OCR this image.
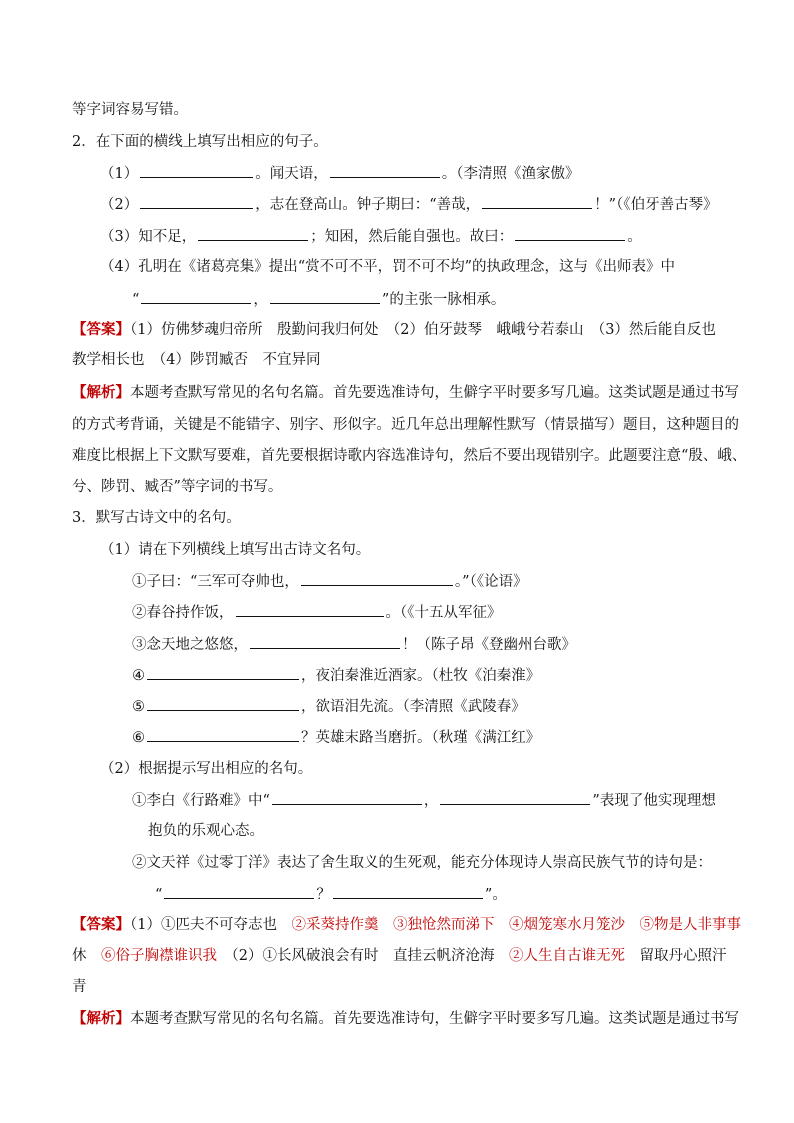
等字词容易写错。
2．在下面的横线上填写出相应的句子。
（1）	。闻天语，	。（李清照《渔家傲》
（2）	，志在登高山。钟子期曰：“善哉，	！”（《伯牙善古琴》
（3）知不足，	；知困，然后能自强也。故曰：	。
（4）孔明在《诸葛亮集》提出“赏不可不平，罚不可不均”的执政理念，这与《出师表》中
“	，	”的主张一脉相承。
【答案】（1）仿佛梦魂归帝所　殷勤问我归何处　（2）伯牙鼓琴　峨峨兮若泰山　（3）然后能自反也
教学相长也　（4）陟罚臧否　不宜异同
【解析】本题考查默写常见的名句名篇。首先要选准诗句，生僻字平时要多写几遍。这类试题是通过书写
的方式考背诵，关键是不能错字、别字、形似字。近几年总出理解性默写（情景描写）题目，这种题目的
难度比根据上下文默写要难，首先要根据诗歌内容选准诗句，然后不要出现错别字。此题要注意“殷、峨、
兮、陟罚、臧否”等字词的书写。
3．默写古诗文中的名句。
（1）请在下列横线上填写出古诗文名句。
①子曰：“三军可夺帅也，	。”（《论语》
②春谷持作饭，	。（《十五从军征》
③念天地之悠悠，	！（陈子昂《登幽州台歌》
④	，夜泊秦淮近酒家。（杜牧《泊秦淮》
⑤	，欲语泪先流。（李清照《武陵春》
⑥	？英雄末路当磨折。（秋瑾《满江红》
（2）根据提示写出相应的名句。
①李白《行路难》中“	，	”表现了他实现理想
抱负的乐观心态。
②文天祥《过零丁洋》表达了舍生取义的生死观，能充分体现诗人崇高民族气节的诗句是：
“	？	”。
【答案】（1）①匹夫不可夺志也　②采葵持作羹　③独怆然而涕下　④烟笼寒水月笼沙　⑤物是人非事事
休　⑥俗子胸襟谁识我　（2）①长风破浪会有时　直挂云帆济沧海　②人生自古谁无死　留取丹心照汗
青
【解析】本题考查默写常见的名句名篇。首先要选准诗句，生僻字平时要多写几遍。这类试题是通过书写
